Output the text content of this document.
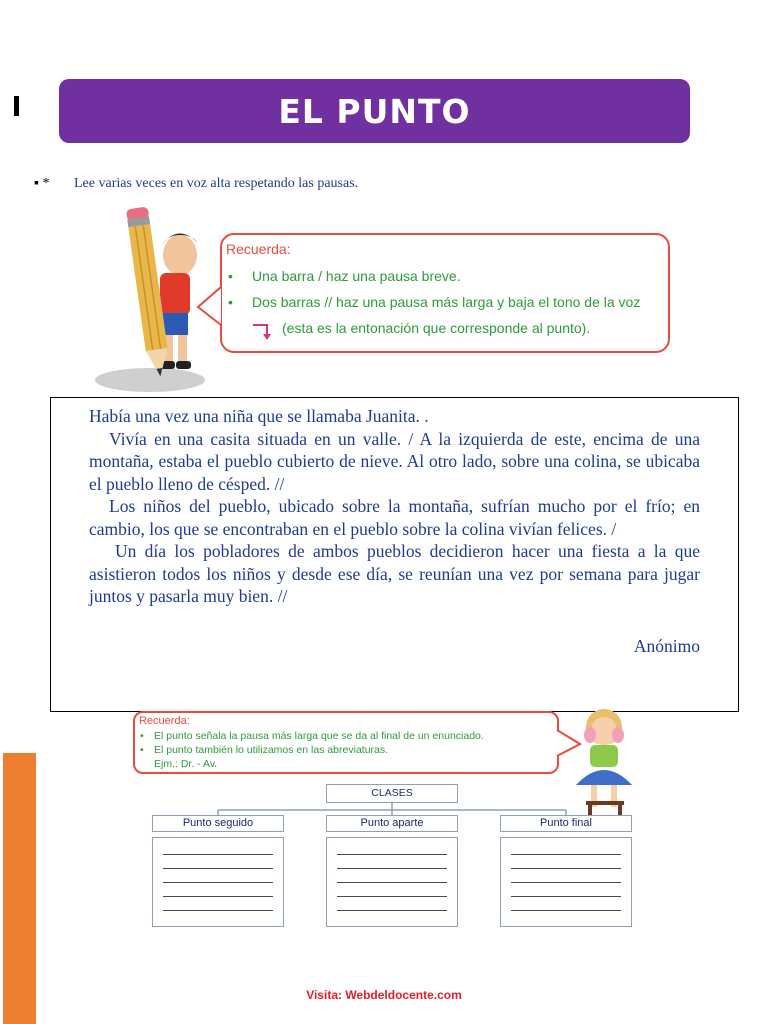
EL PUNTO
▪ *	Lee varias veces en voz alta respetando las pausas.
Recuerda:
•	Una barra / haz una pausa breve.
•	Dos barras // haz una pausa más larga y baja el tono de la voz
(esta es la entonación que corresponde al punto).

Había una vez una niña que se llamaba Juanita. .

Vivía en una casita situada en un valle. / A la izquierda de este, encima de una montaña, estaba el pueblo cubierto de nieve. Al otro lado, sobre una colina, se ubicaba el pueblo lleno de césped. //

Los niños del pueblo, ubicado sobre la montaña, sufrían mucho por el frío; en cambio, los que se encontraban en el pueblo sobre la colina vivían felices. /

Un día los pobladores de ambos pueblos decidieron hacer una fiesta a la que asistieron todos los niños y desde ese día, se reunían una vez por semana para jugar juntos y pasarla muy bien. //

Anónimo
Recuerda:
• El punto señala la pausa más larga que se da al final de un enunciado.
• El punto también lo utilizamos en las abreviaturas.
Ejm.: Dr. - Av.
CLASES
Punto seguido	Punto aparte	Punto final
Visita: Webdeldocente.com
